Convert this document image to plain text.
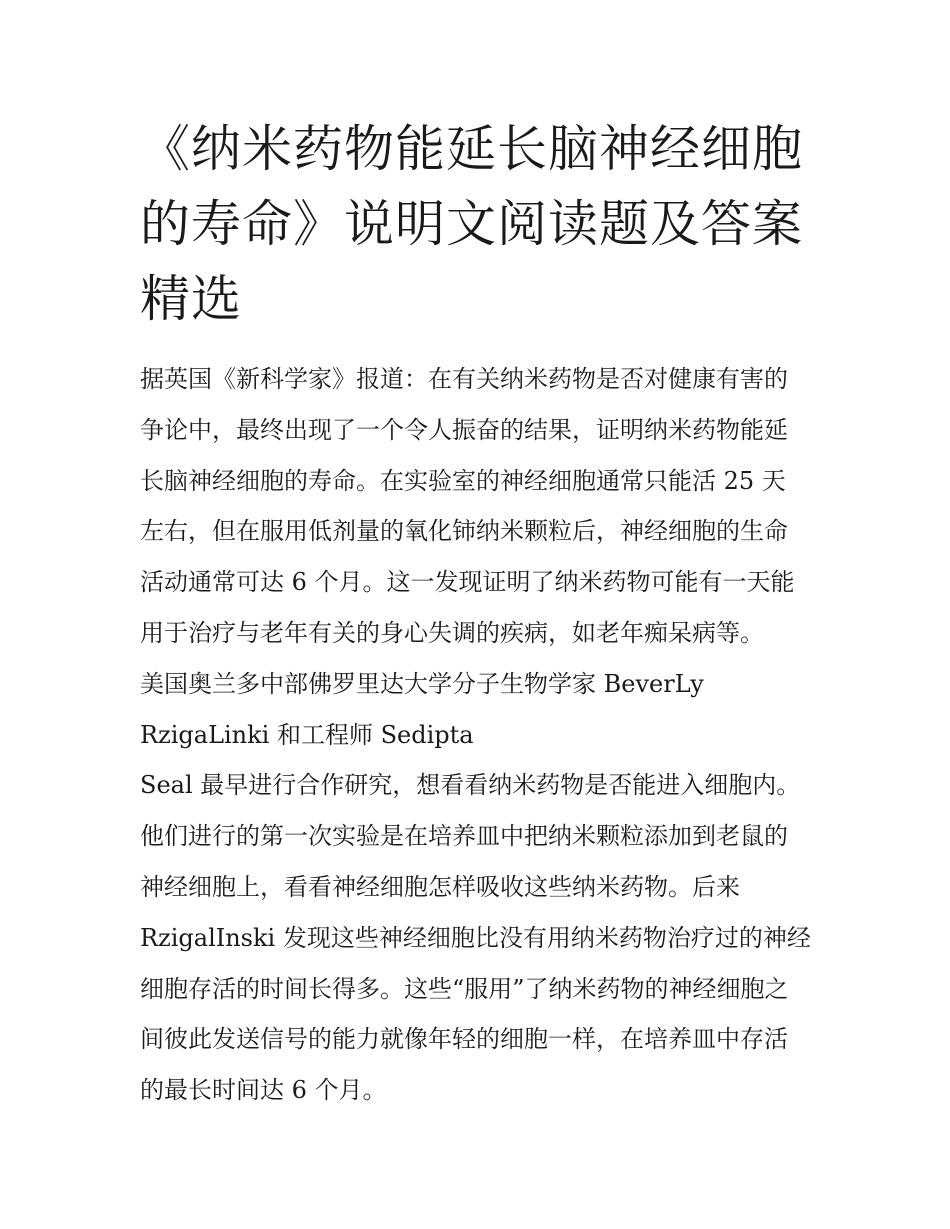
《纳米药物能延长脑神经细胞
的寿命》说明文阅读题及答案
精选
据英国《新科学家》报道：在有关纳米药物是否对健康有害的
争论中，最终出现了一个令人振奋的结果，证明纳米药物能延
长脑神经细胞的寿命。在实验室的神经细胞通常只能活 25 天
左右，但在服用低剂量的氧化铈纳米颗粒后，神经细胞的生命
活动通常可达 6 个月。这一发现证明了纳米药物可能有一天能
用于治疗与老年有关的身心失调的疾病，如老年痴呆病等。
美国奥兰多中部佛罗里达大学分子生物学家 BeverLy
RzigaLinki 和工程师 Sedipta
Seal 最早进行合作研究，想看看纳米药物是否能进入细胞内。
他们进行的第一次实验是在培养皿中把纳米颗粒添加到老鼠的
神经细胞上，看看神经细胞怎样吸收这些纳米药物。后来
RzigalInski 发现这些神经细胞比没有用纳米药物治疗过的神经
细胞存活的时间长得多。这些“服用”了纳米药物的神经细胞之
间彼此发送信号的能力就像年轻的细胞一样，在培养皿中存活
的最长时间达 6 个月。
